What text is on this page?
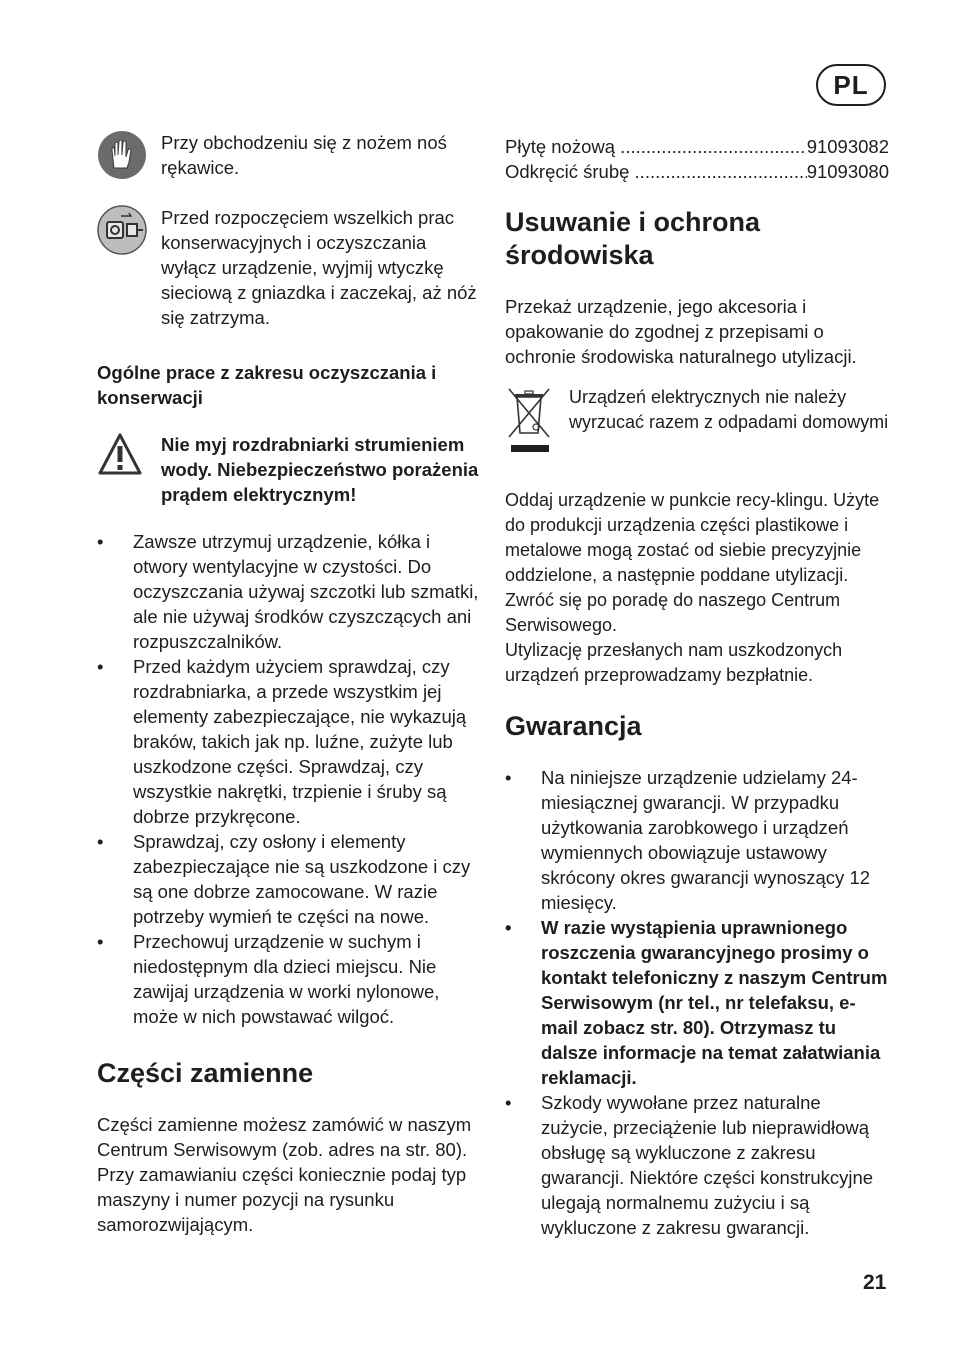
PL

Przy obchodzeniu się z nożem noś rękawice.

Przed rozpoczęciem wszelkich prac konserwacyjnych i oczyszczania wyłącz urządzenie, wyjmij wtyczkę sieciową z gniazdka i zaczekaj, aż nóż się zatrzyma.

Ogólne prace z zakresu oczyszczania i konserwacji

Nie myj rozdrabniarki strumieniem wody. Niebezpieczeństwo porażenia prądem elektrycznym!

• Zawsze utrzymuj urządzenie, kółka i otwory wentylacyjne w czystości. Do oczyszczania używaj szczotki lub szmatki, ale nie używaj środków czyszczących ani rozpuszczalników.
• Przed każdym użyciem sprawdzaj, czy rozdrabniarka, a przede wszystkim jej elementy zabezpieczające, nie wykazują braków, takich jak np. luźne, zużyte lub uszkodzone części. Sprawdzaj, czy wszystkie nakrętki, trzpienie i śruby są dobrze przykręcone.
• Sprawdzaj, czy osłony i elementy zabezpieczające nie są uszkodzone i czy są one dobrze zamocowane. W razie potrzeby wymień te części na nowe.
• Przechowuj urządzenie w suchym i niedostępnym dla dzieci miejscu. Nie zawijaj urządzenia w worki nylonowe, może w nich powstawać wilgoć.
Części zamienne

Części zamienne możesz zamówić w naszym Centrum Serwisowym (zob. adres na str. 80). Przy zamawianiu części koniecznie podaj typ maszyny i numer pozycji na rysunku samorozwijającym.

Płytę nożową .....	91093082
Odkręcić śrubę .....	91093080
Usuwanie i ochrona środowiska

Przekaż urządzenie, jego akcesoria i opakowanie do zgodnej z przepisami o ochronie środowiska naturalnego utylizacji.

Urządzeń elektrycznych nie należy wyrzucać razem z odpadami domowymi

Oddaj urządzenie w punkcie recy-klingu. Użyte do produkcji urządzenia części plastikowe i metalowe mogą zostać od siebie precyzyjnie oddzielone, a następnie poddane utylizacji. Zwróć się po poradę do naszego Centrum Serwisowego.

Utylizację przesłanych nam uszkodzonych urządzeń przeprowadzamy bezpłatnie.

Gwarancja
• Na niniejsze urządzenie udzielamy 24-miesiącznej gwarancji. W przypadku użytkowania zarobkowego i urządzeń wymiennych obowiązuje ustawowy skrócony okres gwarancji wynoszący 12 miesięcy.
• W razie wystąpienia uprawnionego roszczenia gwarancyjnego prosimy o kontakt telefoniczny z naszym Centrum Serwisowym (nr tel., nr telefaksu, e-mail zobacz str. 80). Otrzymasz tu dalsze informacje na temat załatwiania reklamacji.
• Szkody wywołane przez naturalne zużycie, przeciążenie lub nieprawidłową obsługę są wykluczone z zakresu gwarancji. Niektóre części konstrukcyjne ulegają normalnemu zużyciu i są wykluczone z zakresu gwarancji.
21
